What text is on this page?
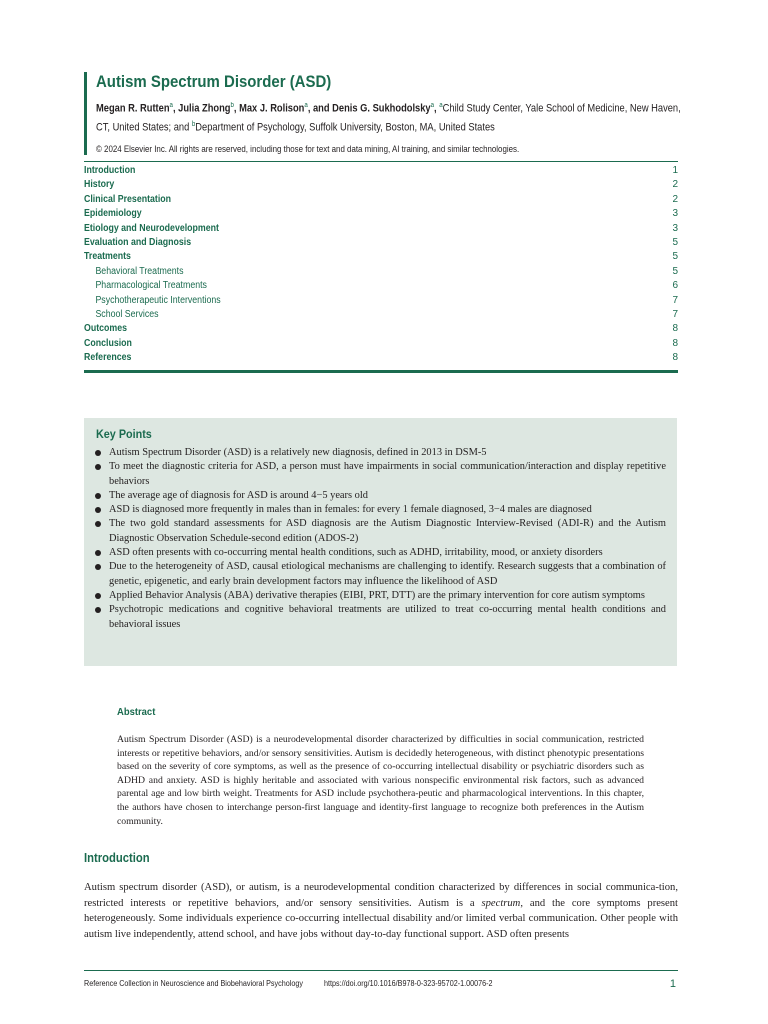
Autism Spectrum Disorder (ASD)
Megan R. Rutten$^a$, Julia Zhong$^b$, Max J. Rolison$^a$, and Denis G. Sukhodolsky$^a$, $^a$Child Study Center, Yale School of Medicine, New Haven, CT, United States; and $^b$Department of Psychology, Suffolk University, Boston, MA, United States
© 2024 Elsevier Inc. All rights are reserved, including those for text and data mining, AI training, and similar technologies.
Introduction	1
History	2
Clinical Presentation	2
Epidemiology	3
Etiology and Neurodevelopment	3
Evaluation and Diagnosis	5
Treatments	5
Behavioral Treatments	5
Pharmacological Treatments	6
Psychotherapeutic Interventions	7
School Services	7
Outcomes	8
Conclusion	8
References	8
Key Points
Autism Spectrum Disorder (ASD) is a relatively new diagnosis, defined in 2013 in DSM-5
To meet the diagnostic criteria for ASD, a person must have impairments in social communication/interaction and display repetitive behaviors
The average age of diagnosis for ASD is around 4−5 years old
ASD is diagnosed more frequently in males than in females: for every 1 female diagnosed, 3−4 males are diagnosed
The two gold standard assessments for ASD diagnosis are the Autism Diagnostic Interview-Revised (ADI-R) and the Autism Diagnostic Observation Schedule-second edition (ADOS-2)
ASD often presents with co-occurring mental health conditions, such as ADHD, irritability, mood, or anxiety disorders
Due to the heterogeneity of ASD, causal etiological mechanisms are challenging to identify. Research suggests that a combination of genetic, epigenetic, and early brain development factors may influence the likelihood of ASD
Applied Behavior Analysis (ABA) derivative therapies (EIBI, PRT, DTT) are the primary intervention for core autism symptoms
Psychotropic medications and cognitive behavioral treatments are utilized to treat co-occurring mental health conditions and behavioral issues
Abstract

Autism Spectrum Disorder (ASD) is a neurodevelopmental disorder characterized by difficulties in social communication, restricted interests or repetitive behaviors, and/or sensory sensitivities. Autism is decidedly heterogeneous, with distinct phenotypic presentations based on the severity of core symptoms, as well as the presence of co-occurring intellectual disability or psychiatric disorders such as ADHD and anxiety. ASD is highly heritable and associated with various nonspecific environmental risk factors, such as advanced parental age and low birth weight. Treatments for ASD include psychothera-peutic and pharmacological interventions. In this chapter, the authors have chosen to interchange person-first language and identity-first language to recognize both preferences in the Autism community.

Introduction

Autism spectrum disorder (ASD), or autism, is a neurodevelopmental condition characterized by differences in social communica-tion, restricted interests or repetitive behaviors, and/or sensory sensitivities. Autism is a spectrum, and the core symptoms present heterogeneously. Some individuals experience co-occurring intellectual disability and/or limited verbal communication. Other people with autism live independently, attend school, and have jobs without day-to-day functional support. ASD often presents

Reference Collection in Neuroscience and Biobehavioral Psychology	https://doi.org/10.1016/B978-0-323-95702-1.00076-2	1
